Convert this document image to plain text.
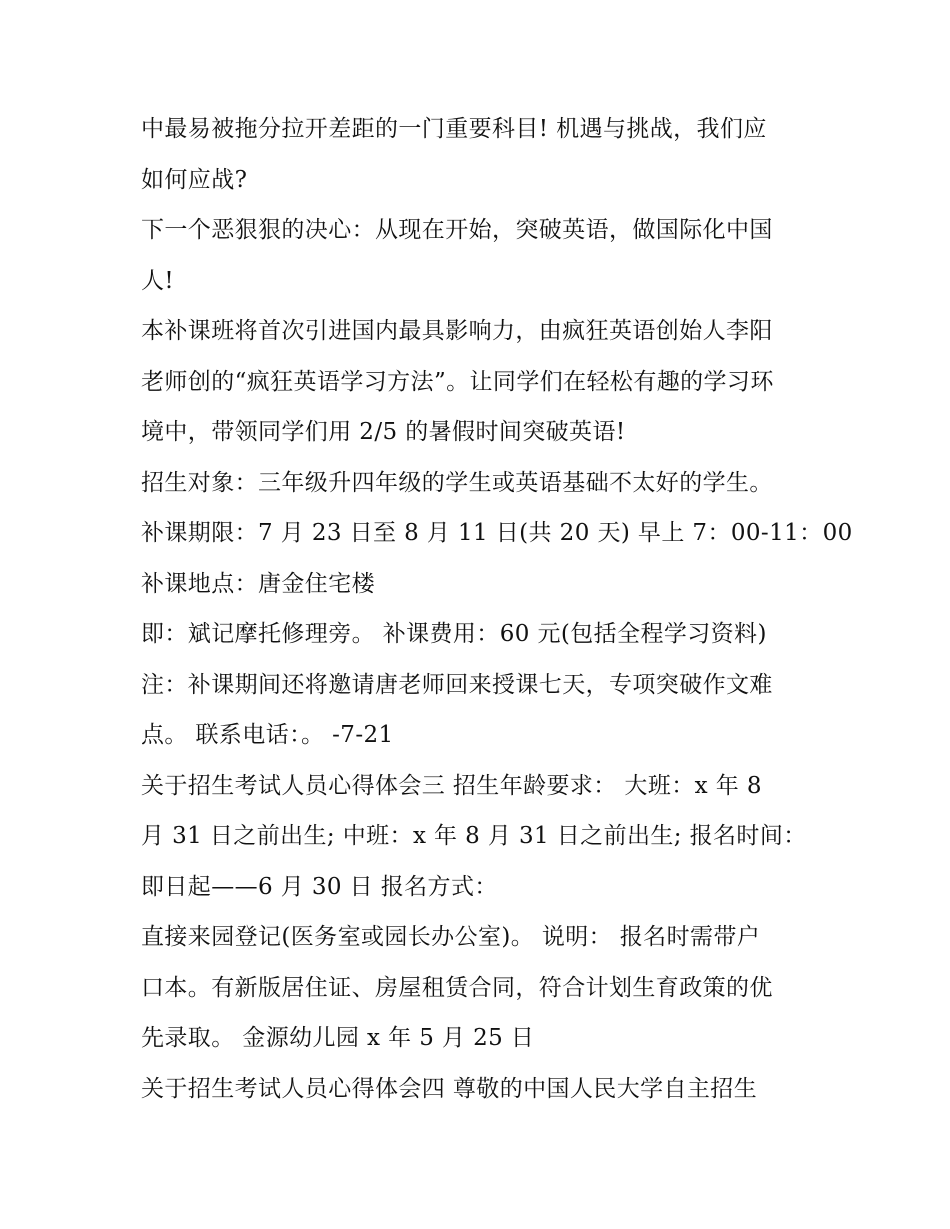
中最易被拖分拉开差距的一门重要科目! 机遇与挑战，我们应
如何应战?
下一个恶狠狠的决心：从现在开始，突破英语，做国际化中国
人!
本补课班将首次引进国内最具影响力，由疯狂英语创始人李阳
老师创的“疯狂英语学习方法”。让同学们在轻松有趣的学习环
境中，带领同学们用 2/5 的暑假时间突破英语!
招生对象：三年级升四年级的学生或英语基础不太好的学生。
补课期限：7 月 23 日至 8 月 11 日(共 20 天) 早上 7：00-11：00
补课地点：唐金住宅楼
即：斌记摩托修理旁。 补课费用：60 元(包括全程学习资料)
注：补课期间还将邀请唐老师回来授课七天，专项突破作文难
点。 联系电话：。 -7-21
关于招生考试人员心得体会三 招生年龄要求： 大班：x 年 8
月 31 日之前出生; 中班：x 年 8 月 31 日之前出生; 报名时间：
即日起——6 月 30 日 报名方式：
直接来园登记(医务室或园长办公室)。 说明： 报名时需带户
口本。有新版居住证、房屋租赁合同，符合计划生育政策的优
先录取。 金源幼儿园 x 年 5 月 25 日
关于招生考试人员心得体会四 尊敬的中国人民大学自主招生
